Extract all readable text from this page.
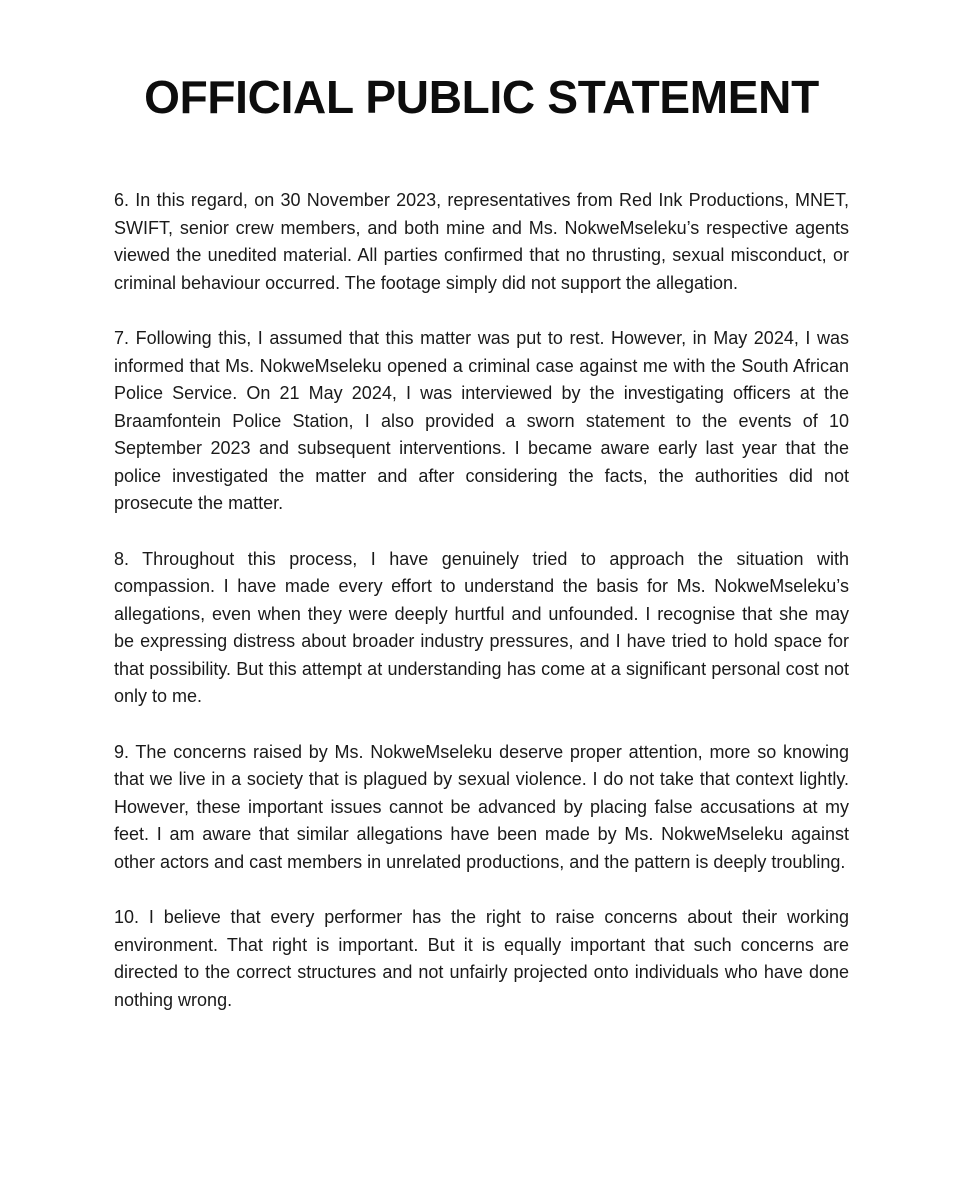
OFFICIAL PUBLIC STATEMENT

6. In this regard, on 30 November 2023, representatives from Red Ink Productions, MNET, SWIFT, senior crew members, and both mine and Ms. NokweMseleku’s respective agents viewed the unedited material. All parties confirmed that no thrusting, sexual misconduct, or criminal behaviour occurred. The footage simply did not support the allegation.

7. Following this, I assumed that this matter was put to rest. However, in May 2024, I was informed that Ms. NokweMseleku opened a criminal case against me with the South African Police Service. On 21 May 2024, I was interviewed by the investigating officers at the Braamfontein Police Station, I also provided a sworn statement to the events of 10 September 2023 and subsequent interventions. I became aware early last year that the police investigated the matter and after considering the facts, the authorities did not prosecute the matter.

8. Throughout this process, I have genuinely tried to approach the situation with compassion. I have made every effort to understand the basis for Ms. NokweMseleku’s allegations, even when they were deeply hurtful and unfounded. I recognise that she may be expressing distress about broader industry pressures, and I have tried to hold space for that possibility. But this attempt at understanding has come at a significant personal cost not only to me.

9. The concerns raised by Ms. NokweMseleku deserve proper attention, more so knowing that we live in a society that is plagued by sexual violence. I do not take that context lightly. However, these important issues cannot be advanced by placing false accusations at my feet. I am aware that similar allegations have been made by Ms. NokweMseleku against other actors and cast members in unrelated productions, and the pattern is deeply troubling.

10. I believe that every performer has the right to raise concerns about their working environment. That right is important. But it is equally important that such concerns are directed to the correct structures and not unfairly projected onto individuals who have done nothing wrong.
